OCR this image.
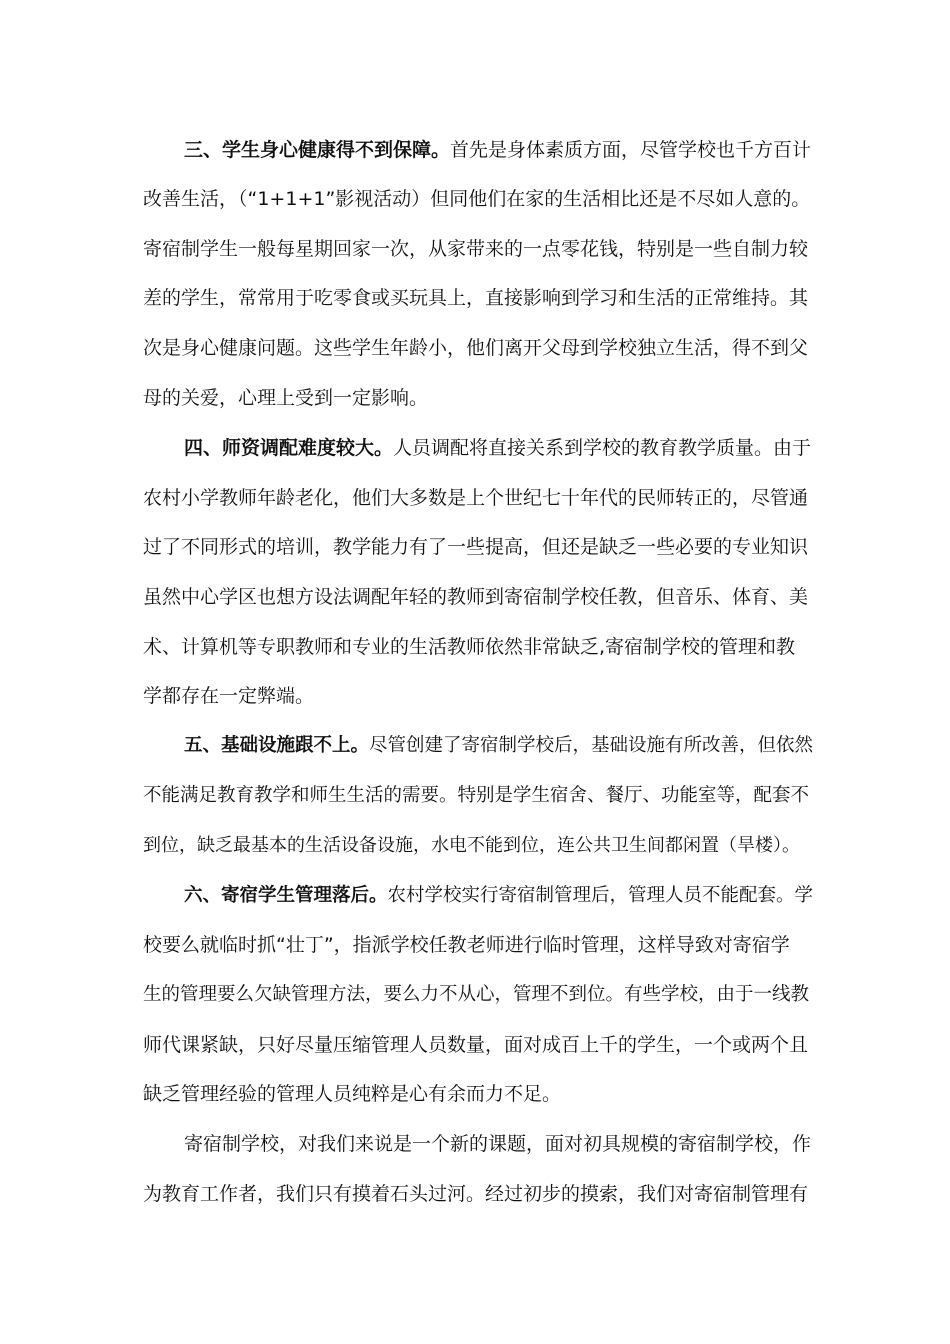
三、学生身心健康得不到保障。首先是身体素质方面，尽管学校也千方百计
改善生活，（“1+1+1”影视活动）但同他们在家的生活相比还是不尽如人意的。
寄宿制学生一般每星期回家一次，从家带来的一点零花钱，特别是一些自制力较
差的学生，常常用于吃零食或买玩具上，直接影响到学习和生活的正常维持。其
次是身心健康问题。这些学生年龄小，他们离开父母到学校独立生活，得不到父
母的关爱，心理上受到一定影响。
四、师资调配难度较大。人员调配将直接关系到学校的教育教学质量。由于
农村小学教师年龄老化，他们大多数是上个世纪七十年代的民师转正的，尽管通
过了不同形式的培训，教学能力有了一些提高，但还是缺乏一些必要的专业知识
虽然中心学区也想方设法调配年轻的教师到寄宿制学校任教，但音乐、体育、美
术、计算机等专职教师和专业的生活教师依然非常缺乏,寄宿制学校的管理和教
学都存在一定弊端。
五、基础设施跟不上。尽管创建了寄宿制学校后，基础设施有所改善，但依然
不能满足教育教学和师生生活的需要。特别是学生宿舍、餐厅、功能室等，配套不
到位，缺乏最基本的生活设备设施，水电不能到位，连公共卫生间都闲置（旱楼）。
六、寄宿学生管理落后。农村学校实行寄宿制管理后，管理人员不能配套。学
校要么就临时抓“壮丁”，指派学校任教老师进行临时管理，这样导致对寄宿学
生的管理要么欠缺管理方法，要么力不从心，管理不到位。有些学校，由于一线教
师代课紧缺，只好尽量压缩管理人员数量，面对成百上千的学生，一个或两个且
缺乏管理经验的管理人员纯粹是心有余而力不足。
寄宿制学校，对我们来说是一个新的课题，面对初具规模的寄宿制学校，作
为教育工作者，我们只有摸着石头过河。经过初步的摸索，我们对寄宿制管理有
